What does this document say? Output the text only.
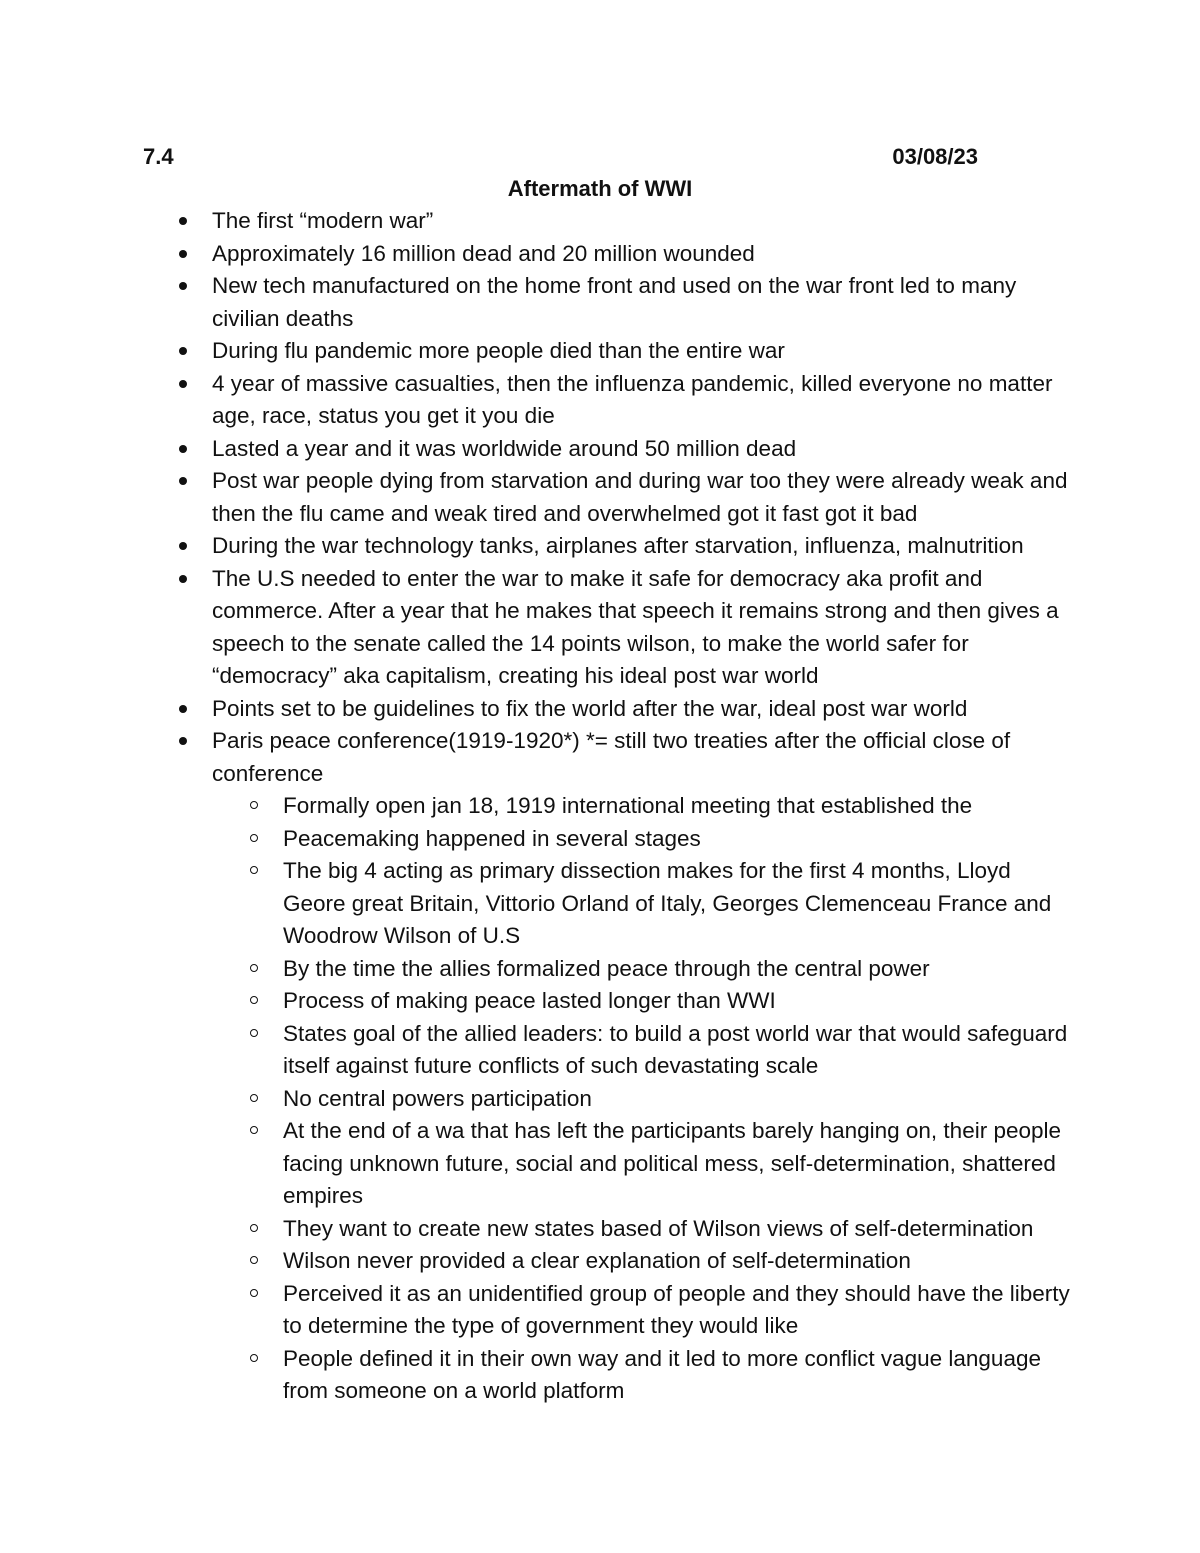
7.4	03/08/23
Aftermath of WWI
The first “modern war”
Approximately 16 million dead and 20 million wounded
New tech manufactured on the home front and used on the war front led to many civilian deaths
During flu pandemic more people died than the entire war
4 year of massive casualties, then the influenza pandemic, killed everyone no matter age, race, status you get it you die
Lasted a year and it was worldwide around 50 million dead
Post war people dying from starvation and during war too they were already weak and then the flu came and weak tired and overwhelmed got it fast got it bad
During the war technology tanks, airplanes after starvation, influenza, malnutrition
The U.S needed to enter the war to make it safe for democracy aka profit and commerce. After a year that he makes that speech it remains strong and then gives a speech to the senate called the 14 points wilson, to make the world safer for “democracy” aka capitalism, creating his ideal post war world
Points set to be guidelines to fix the world after the war, ideal post war world
Paris peace conference(1919-1920*) *= still two treaties after the official close of conference
Formally open jan 18, 1919 international meeting that established the
Peacemaking happened in several stages
The big 4 acting as primary dissection makes for the first 4 months, Lloyd Geore great Britain, Vittorio Orland of Italy, Georges Clemenceau France and Woodrow Wilson of U.S
By the time the allies formalized peace through the central power
Process of making peace lasted longer than WWI
States goal of the allied leaders: to build a post world war that would safeguard itself against future conflicts of such devastating scale
No central powers participation
At the end of a wa that has left the participants barely hanging on, their people facing unknown future, social and political mess, self-determination, shattered empires
They want to create new states based of Wilson views of self-determination
Wilson never provided a clear explanation of self-determination
Perceived it as an unidentified group of people and they should have the liberty to determine the type of government they would like
People defined it in their own way and it led to more conflict vague language from someone on a world platform
